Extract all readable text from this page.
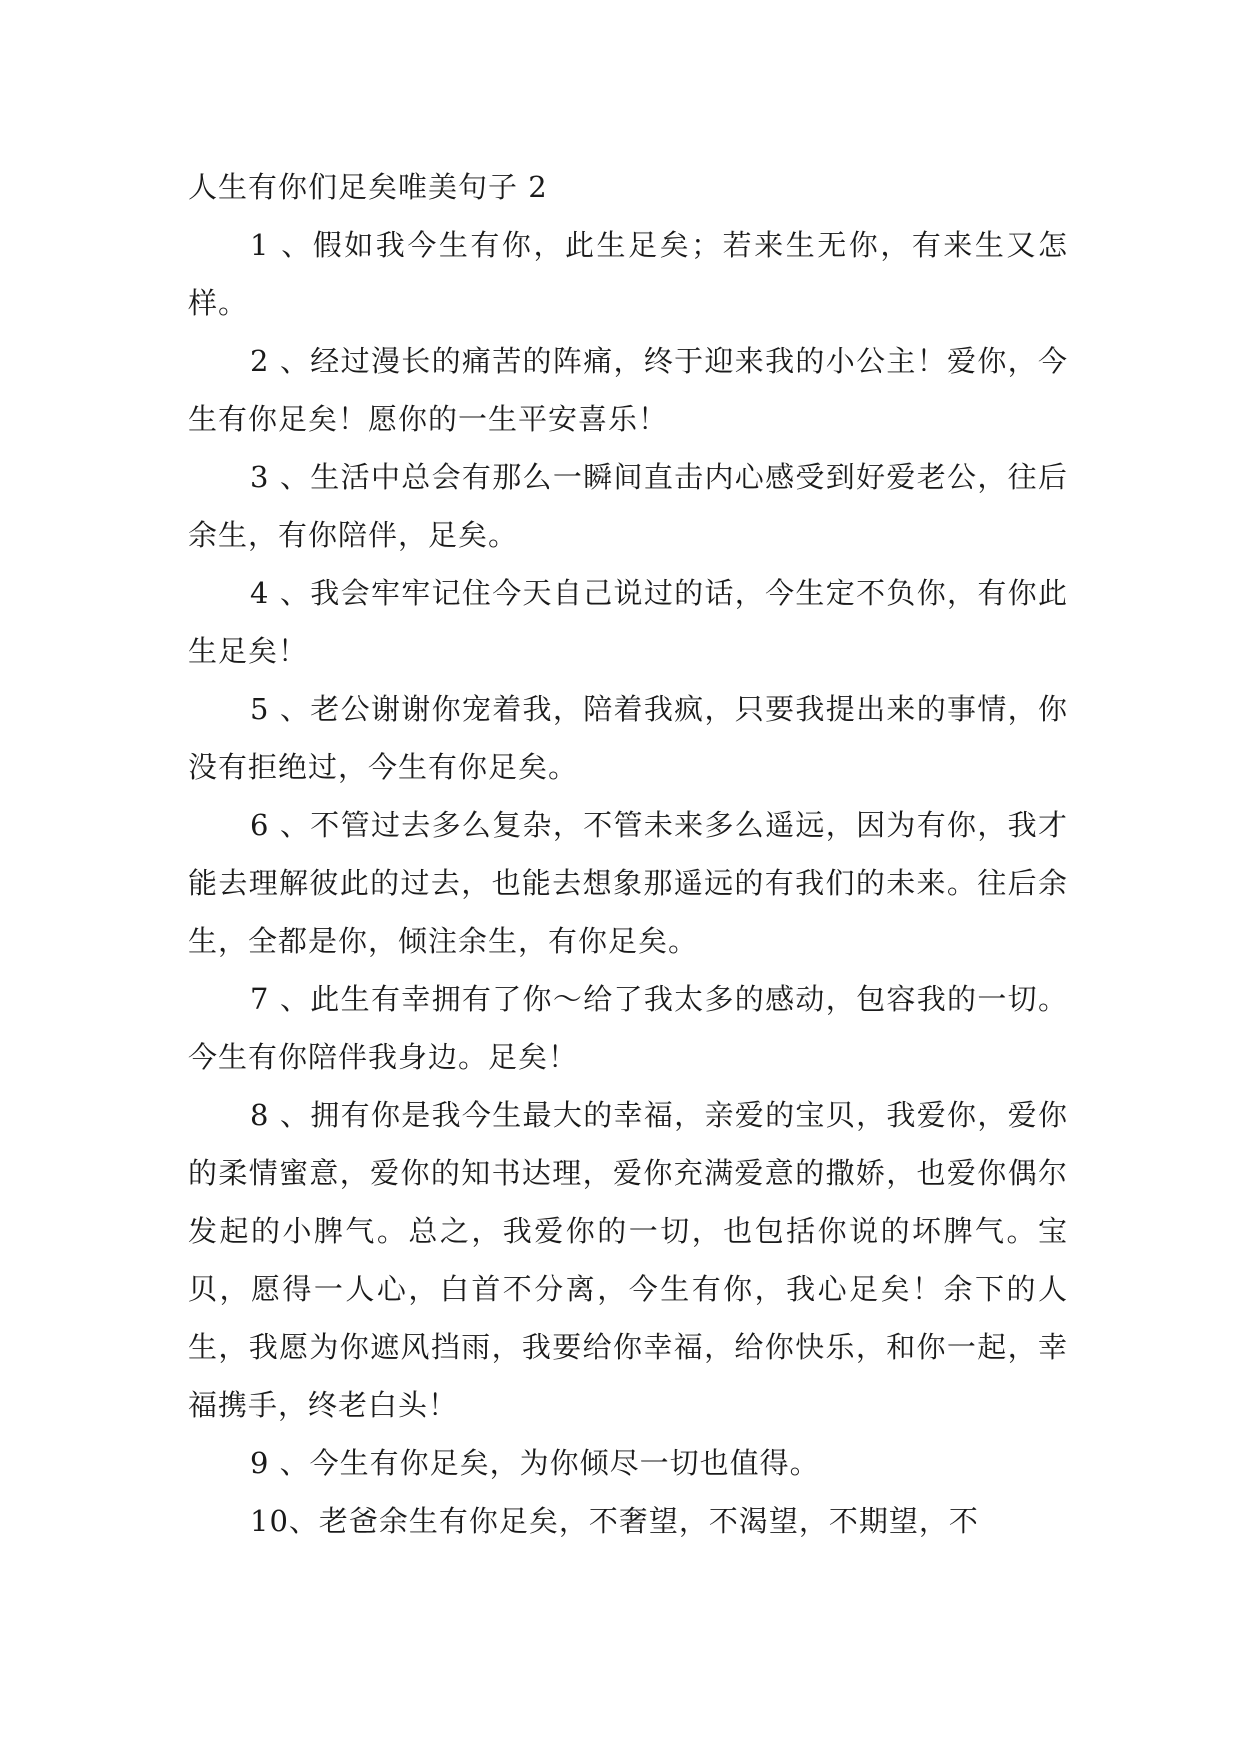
人生有你们足矣唯美句子 2

1 、假如我今生有你，此生足矣；若来生无你，有来生又怎样。

2 、经过漫长的痛苦的阵痛，终于迎来我的小公主！爱你，今生有你足矣！愿你的一生平安喜乐！

3 、生活中总会有那么一瞬间直击内心感受到好爱老公，往后余生，有你陪伴，足矣。

4 、我会牢牢记住今天自己说过的话，今生定不负你，有你此生足矣！

5 、老公谢谢你宠着我，陪着我疯，只要我提出来的事情，你没有拒绝过，今生有你足矣。

6 、不管过去多么复杂，不管未来多么遥远，因为有你，我才能去理解彼此的过去，也能去想象那遥远的有我们的未来。往后余生，全都是你，倾注余生，有你足矣。

7 、此生有幸拥有了你～给了我太多的感动，包容我的一切。今生有你陪伴我身边。足矣！

8 、拥有你是我今生最大的幸福，亲爱的宝贝，我爱你，爱你的柔情蜜意，爱你的知书达理，爱你充满爱意的撒娇，也爱你偶尔发起的小脾气。总之，我爱你的一切，也包括你说的坏脾气。宝贝，愿得一人心，白首不分离，今生有你，我心足矣！余下的人生，我愿为你遮风挡雨，我要给你幸福，给你快乐，和你一起，幸福携手，终老白头！

9 、今生有你足矣，为你倾尽一切也值得。

10、老爸余生有你足矣，不奢望，不渴望，不期望，不
